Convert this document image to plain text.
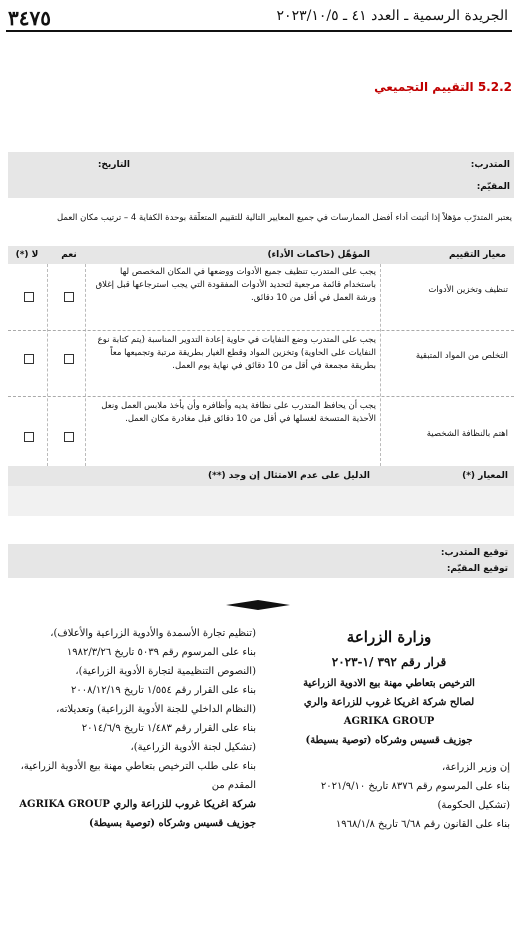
الجريدة الرسمية ـ العدد ٤١ ـ ٢٠٢٣/١٠/٥
٣٤٧٥
5.2.2 التقييم التجميعي
المتدرب:
التاريخ:
المقيّم:
يعتبر المتدرّب مؤهلاً إذا أثبتت أداء أفضل الممارسات في جميع المعايير التالية للتقييم المتعلّقة بوحدة الكفاية 4 – ترتيب مكان العمل
معيار التقييم
المؤهّل (حاكمات الأداء)
نعم
لا (*)
تنظيف وتخزين الأدوات
يجب على المتدرب تنظيف جميع الأدوات ووضعها في المكان المخصص لها باستخدام قائمة مرجعية لتحديد الأدوات المفقودة التي يجب استرجاعها قبل إغلاق ورشة العمل في أقل من 10 دقائق.
التخلص من المواد المتبقية
يجب على المتدرب وضع النفايات في حاوية إعادة التدوير المناسبة (يتم كتابة نوع النفايات على الحاوية) وتخزين المواد وقطع الغيار بطريقة مرتبة وتجميعها معاً بطريقة مجمعة في أقل من 10 دقائق في نهاية يوم العمل.
اهتم بالنظافة الشخصية
يجب أن يحافظ المتدرب على نظافة يديه وأظافره وأن يأخذ ملابس العمل ونعل الأحذية المتسخة لغسلها في أقل من 10 دقائق قبل مغادرة مكان العمل.
المعيار (*)
الدليل على عدم الامتثال إن وجد (**)
توقيع المتدرب:
توقيع المقيّم:
وزارة الزراعة
قرار رقم ٣٩٢ /١-٢٠٢٣
الترخيص بتعاطي مهنة بيع الادوية الزراعية
لصالح شركة اغريكا غروب للزراعة والري
AGRIKA GROUP
جوزيف قسيس وشركاه (توصية بسيطة)
إن وزير الزراعة،
بناء على المرسوم رقم ٨٣٧٦ تاريخ ٢٠٢١/٩/١٠
(تشكيل الحكومة)
بناء على القانون رقم ٦/٦٨ تاريخ ١٩٦٨/١/٨
(تنظيم تجارة الأسمدة والأدوية الزراعية والأعلاف)،
بناء على المرسوم رقم ٥٠٣٩ تاريخ ١٩٨٢/٣/٢٦
(النصوص التنظيمية لتجارة الأدوية الزراعية)،
بناء على القرار رقم ١/٥٥٤ تاريخ ٢٠٠٨/١٢/١٩
(النظام الداخلي للجنة الأدوية الزراعية) وتعديلاته،
بناء على القرار رقم ١/٤٨٣ تاريخ ٢٠١٤/٦/٩
(تشكيل لجنة الأدوية الزراعية)،
بناء على طلب الترخيص بتعاطي مهنة بيع الأدوية الزراعية، المقدم من
شركة اغريكا غروب للزراعة والري AGRIKA GROUP جوزيف قسيس وشركاه (توصية بسيطة)
